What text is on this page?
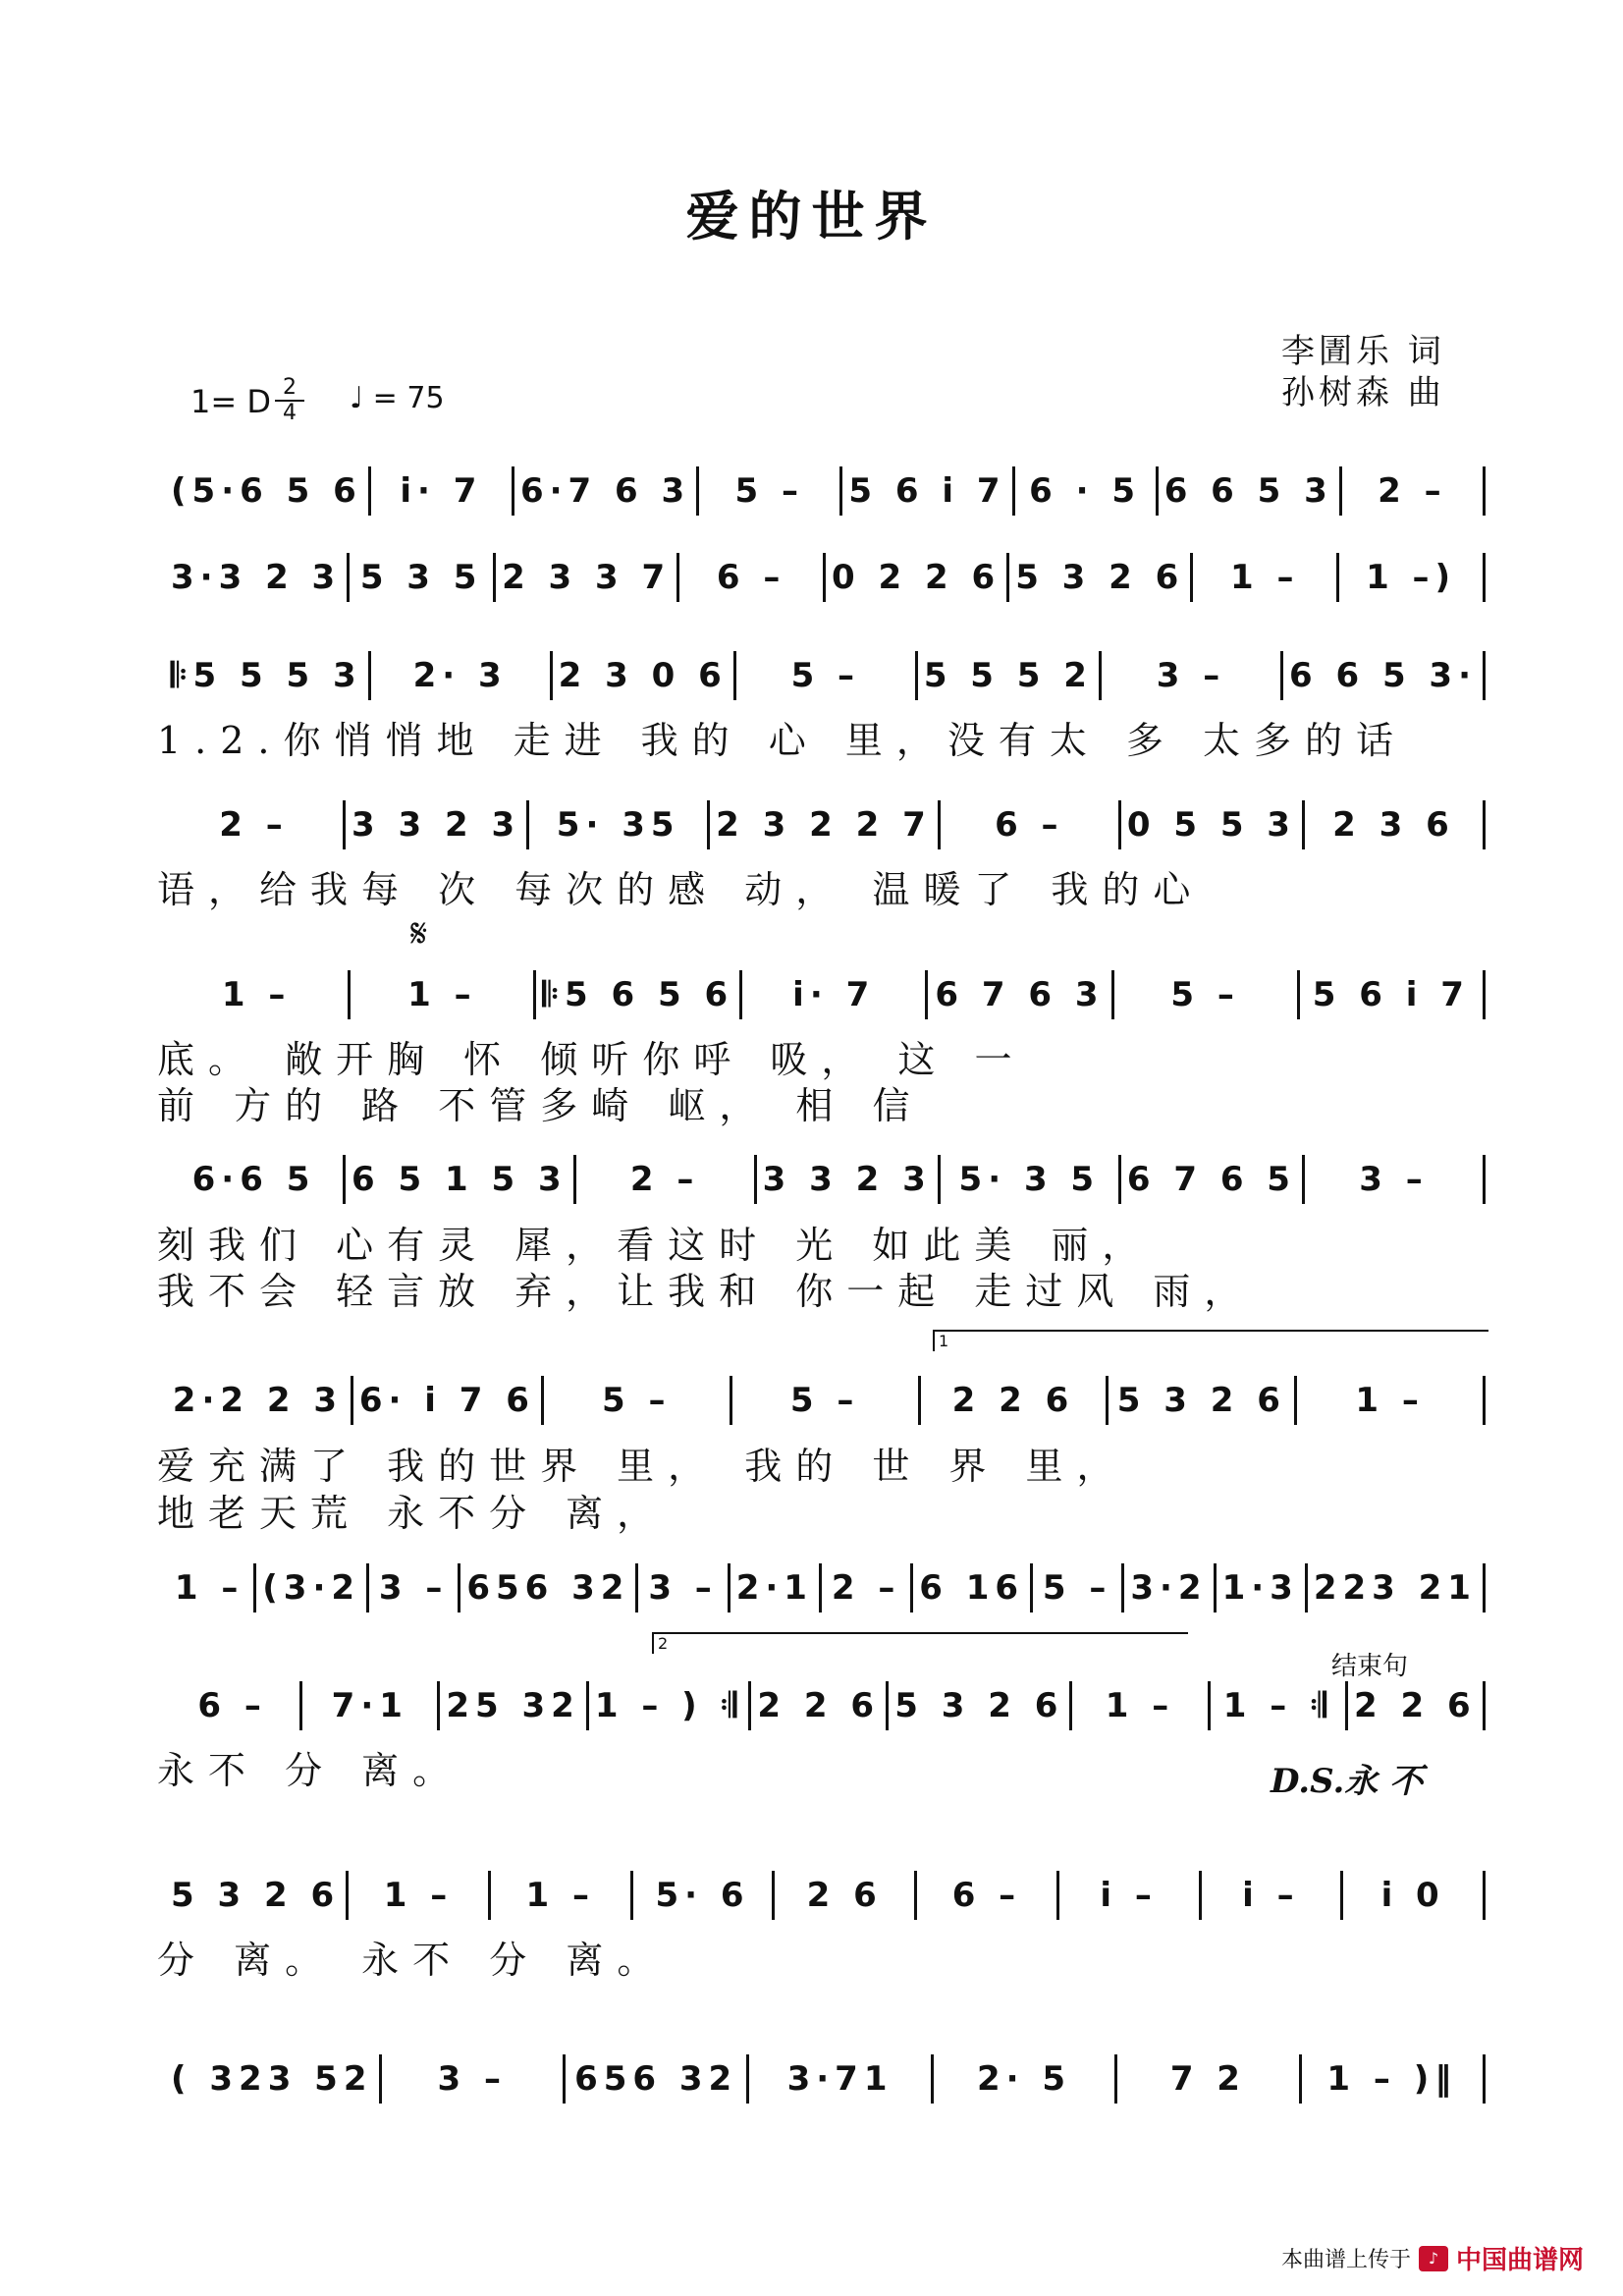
爱的世界
李圊乐 词
孙树森 曲
1= D 2
4 ♩ = 75
(5·6 5 6 i· 7 6·7 6 3 5 – 5 6 i 7 6 · 5 6 6 5 3 2 –
3·3 2 3 5 3 5 2 3 3 7 6 – 0 2 2 6 5 3 2 6 1 – 1 –)
𝄆5 5 5 3 2· 3 2 3 0 6 5 – 5 5 5 2 3 – 6 6 5 3·
1.2.你悄悄地 走进 我的 心 里，没有太 多 太多的话
2 – 3 3 2 3 5· 35 2 3 2 2 7 6 – 0 5 5 3 2 3 6
语，给我每 次 每次的感 动， 温暖了 我的心
1 –	1 – 𝄆5 6 5 6 i· 7 6 7 6 3 5 – 5 6 i 7
底。 敞开胸 怀 倾听你呼 吸， 这 一
前 方的 路 不管多崎 岖， 相 信
6·6 5 6 5 1 5 3 2 – 3 3 2 3 5· 3 5 6 7 6 5 3 –
刻我们 心有灵 犀，看这时 光 如此美 丽，
我不会 轻言放 弃，让我和 你一起 走过风 雨，
2·2 2 3 6· i 7 6 5 –	5 –	2 2 6 5 3 2 6 1 –
爱充满了 我的世界 里， 我的 世 界 里，
地老天荒 永不分 离，
1 – (3·2 3 – 656 32 3 – 2·1 2 – 6 16 5 – 3·2 1·3 223 21
6 – 7·1 25 32 1 – ) 𝄇 2 2 6 5 3 2 6 1 – 1 – 𝄇 2 2 6
永不 分 离。
5 3 2 6 1 – 1 – 5· 6 2 6 6 – i –	i – i 0
分 离。 永不 分 离。
( 323 52 3 – 656 32 3·71	2· 5	7 2 1 – )‖
𝄋
1
2
结束句
D.S.永 不
本曲谱上传于	♪ 中国曲谱网
